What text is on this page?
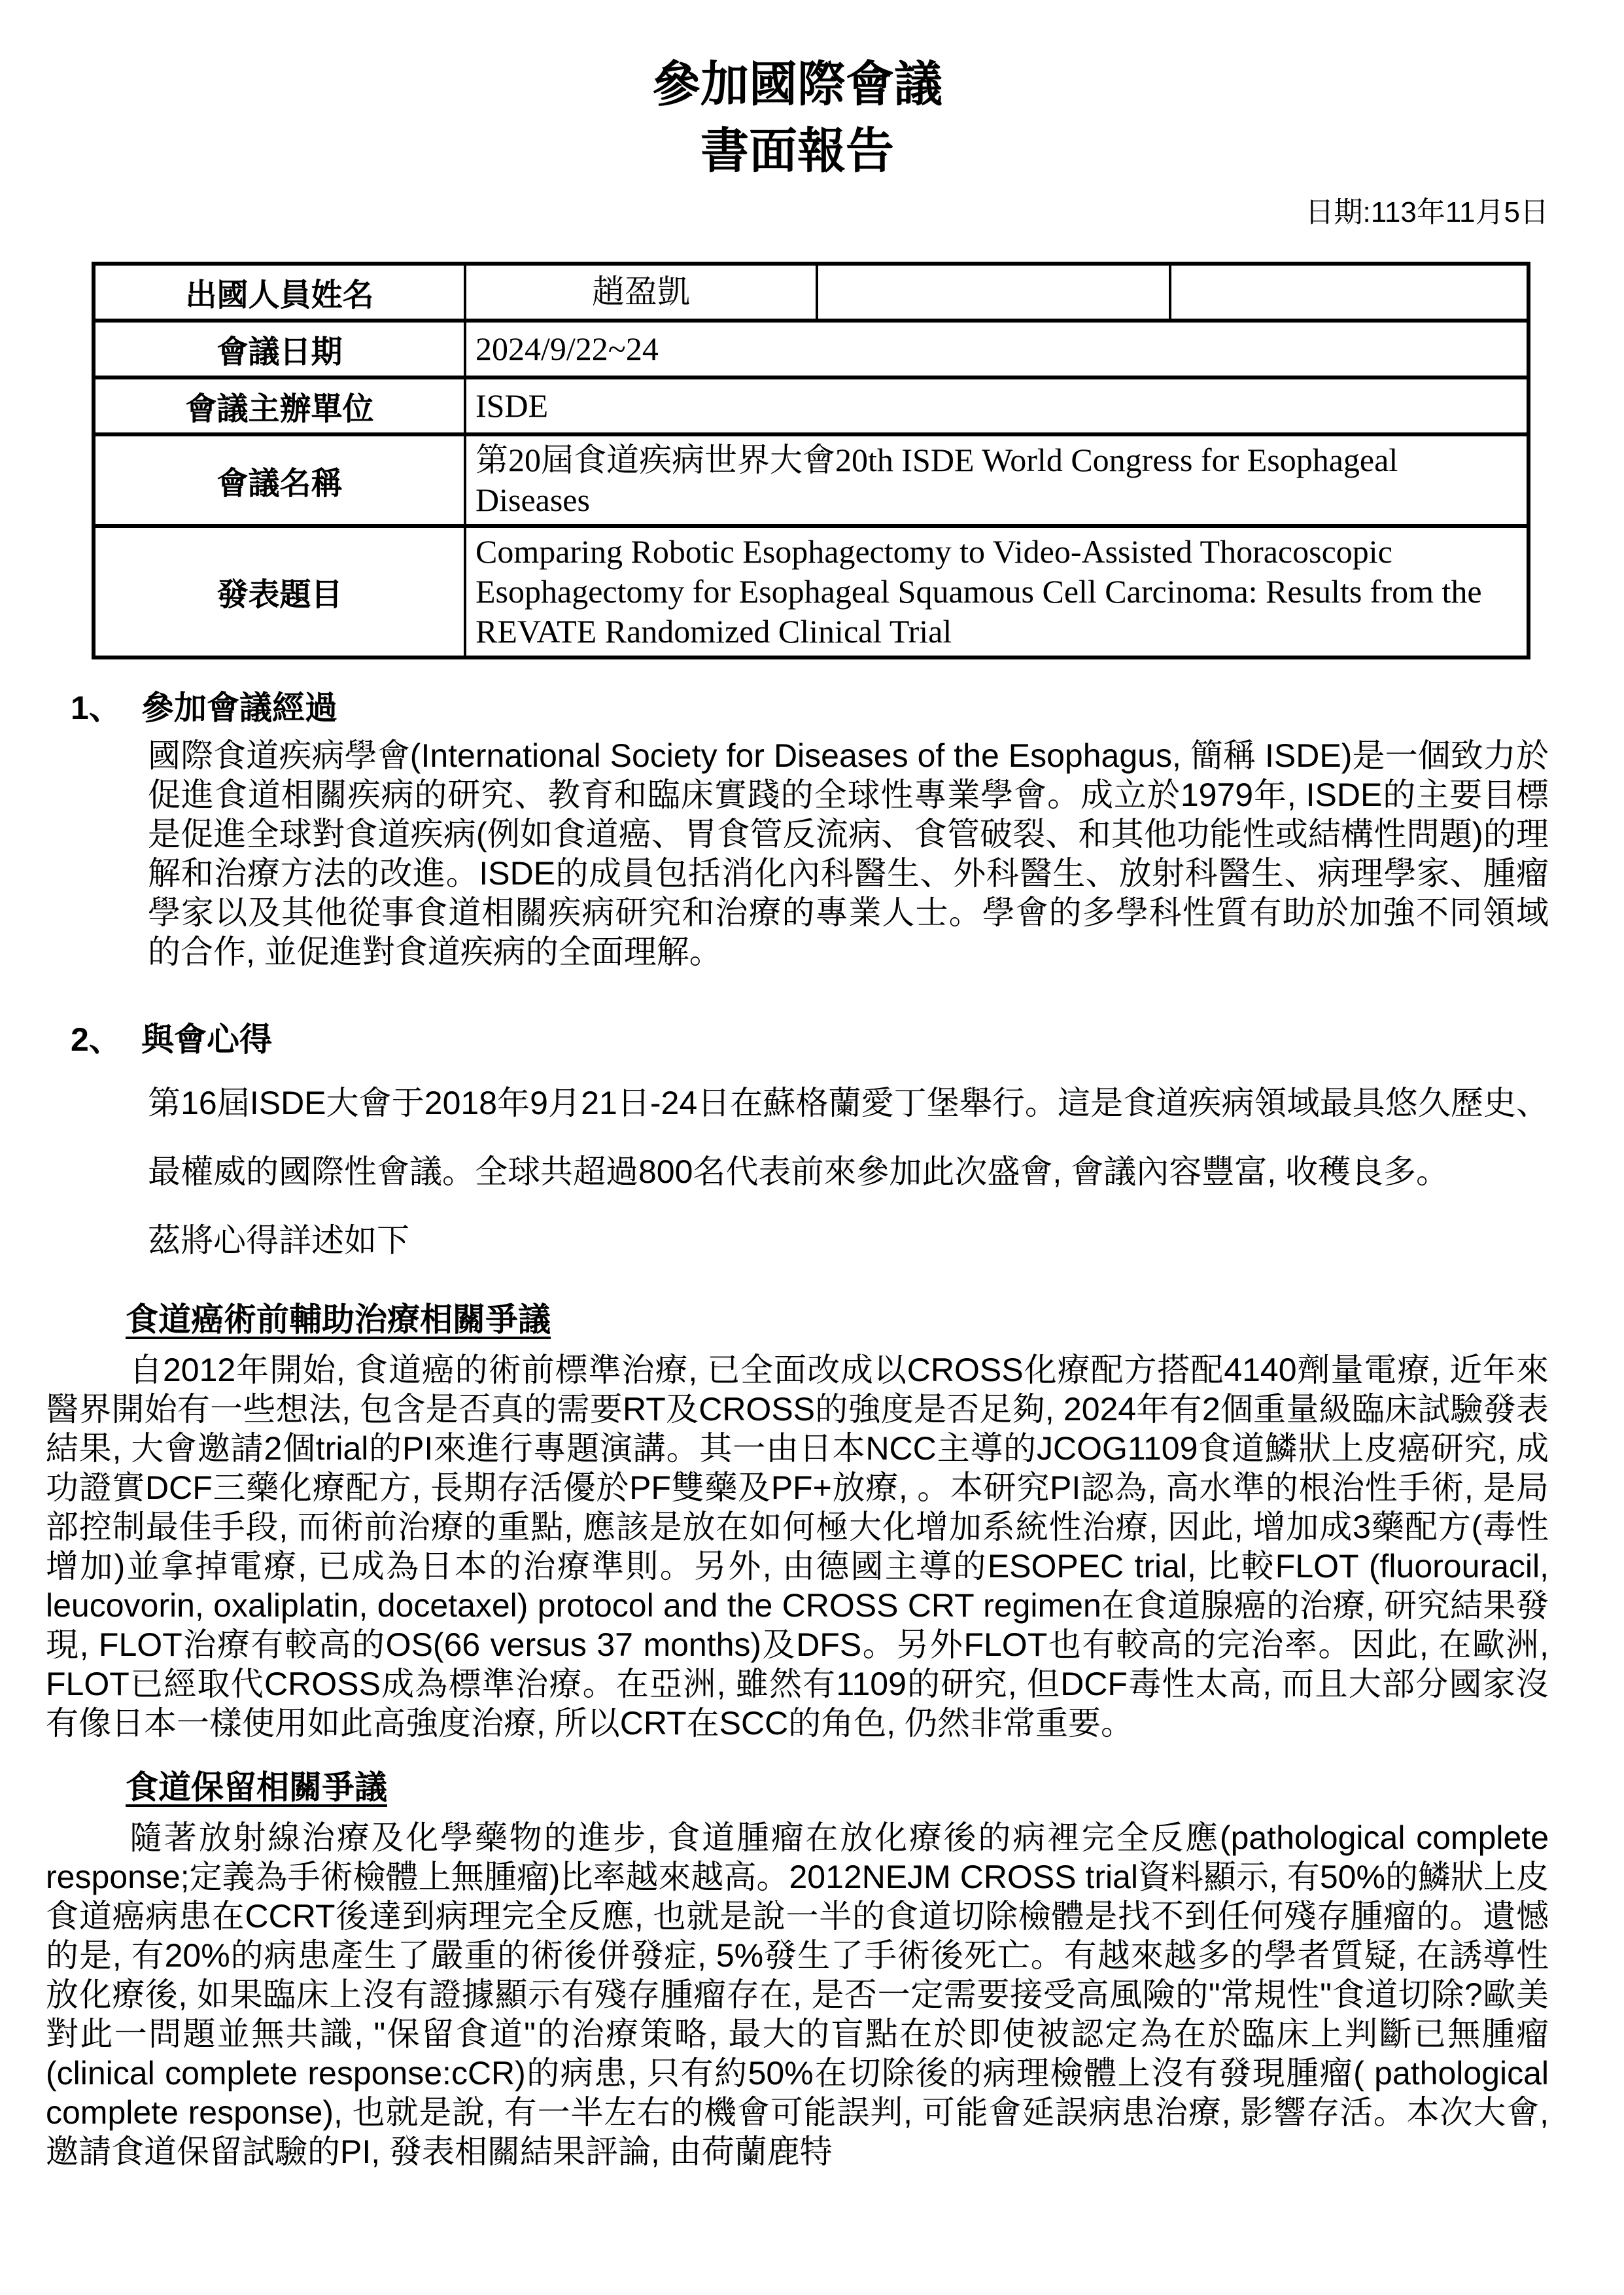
參加國際會議
書面報告
日期:113年11月5日
出國人員姓名	趙盈凱		
會議日期	2024/9/22~24		
會議主辦單位	ISDE		
會議名稱	第20屆食道疾病世界大會20th ISDE World Congress for Esophageal Diseases		
發表題目	Comparing Robotic Esophagectomy to Video-Assisted Thoracoscopic Esophagectomy for Esophageal Squamous Cell Carcinoma: Results from the REVATE Randomized Clinical Trial		
1、 參加會議經過
國際食道疾病學會(International Society for Diseases of the Esophagus, 簡稱 ISDE)是一個致力於促進食道相關疾病的研究、教育和臨床實踐的全球性專業學會。成立於1979年, ISDE的主要目標是促進全球對食道疾病(例如食道癌、胃食管反流病、食管破裂、和其他功能性或結構性問題)的理解和治療方法的改進。ISDE的成員包括消化內科醫生、外科醫生、放射科醫生、病理學家、腫瘤學家以及其他從事食道相關疾病研究和治療的專業人士。學會的多學科性質有助於加強不同領域的合作, 並促進對食道疾病的全面理解。
2、 與會心得
第16屆ISDE大會于2018年9月21日-24日在蘇格蘭愛丁堡舉行。這是食道疾病領域最具悠久歷史、最權威的國際性會議。全球共超過800名代表前來參加此次盛會, 會議內容豐富, 收穫良多。
茲將心得詳述如下
食道癌術前輔助治療相關爭議
自2012年開始, 食道癌的術前標準治療, 已全面改成以CROSS化療配方搭配4140劑量電療, 近年來醫界開始有一些想法, 包含是否真的需要RT及CROSS的強度是否足夠, 2024年有2個重量級臨床試驗發表結果, 大會邀請2個trial的PI來進行專題演講。其一由日本NCC主導的JCOG1109食道鱗狀上皮癌研究, 成功證實DCF三藥化療配方, 長期存活優於PF雙藥及PF+放療, 。本研究PI認為, 高水準的根治性手術, 是局部控制最佳手段, 而術前治療的重點, 應該是放在如何極大化增加系統性治療, 因此, 增加成3藥配方(毒性增加)並拿掉電療, 已成為日本的治療準則。另外, 由德國主導的ESOPEC trial, 比較FLOT (fluorouracil, leucovorin, oxaliplatin, docetaxel) protocol and the CROSS CRT regimen在食道腺癌的治療, 研究結果發現, FLOT治療有較高的OS(66 versus 37 months)及DFS。另外FLOT也有較高的完治率。因此, 在歐洲, FLOT已經取代CROSS成為標準治療。在亞洲, 雖然有1109的研究, 但DCF毒性太高, 而且大部分國家沒有像日本一樣使用如此高強度治療, 所以CRT在SCC的角色, 仍然非常重要。
食道保留相關爭議
隨著放射線治療及化學藥物的進步, 食道腫瘤在放化療後的病裡完全反應(pathological complete response;定義為手術檢體上無腫瘤)比率越來越高。2012NEJM CROSS trial資料顯示, 有50%的鱗狀上皮食道癌病患在CCRT後達到病理完全反應, 也就是說一半的食道切除檢體是找不到任何殘存腫瘤的。遺憾的是, 有20%的病患產生了嚴重的術後併發症, 5%發生了手術後死亡。有越來越多的學者質疑, 在誘導性放化療後, 如果臨床上沒有證據顯示有殘存腫瘤存在, 是否一定需要接受高風險的"常規性"食道切除?歐美對此一問題並無共識, "保留食道"的治療策略, 最大的盲點在於即使被認定為在於臨床上判斷已無腫瘤(clinical complete response:cCR)的病患, 只有約50%在切除後的病理檢體上沒有發現腫瘤( pathological complete response), 也就是說, 有一半左右的機會可能誤判, 可能會延誤病患治療, 影響存活。本次大會, 邀請食道保留試驗的PI, 發表相關結果評論, 由荷蘭鹿特
